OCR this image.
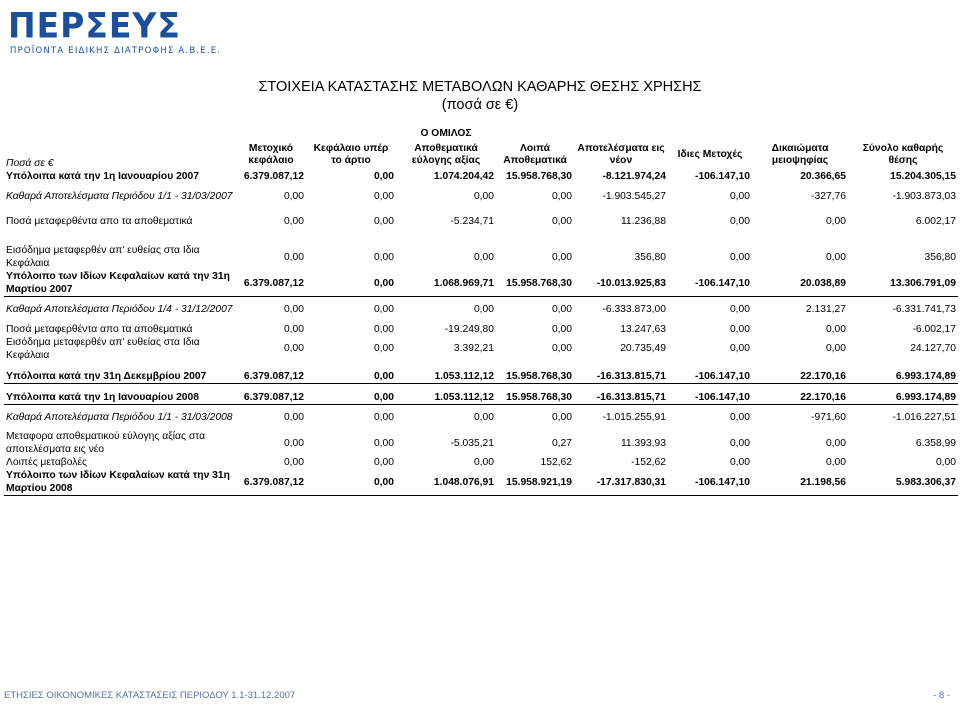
ΠΕΡΣΕΥΣ
ΠΡΟΪΟΝΤΑ ΕΙΔΙΚΗΣ ΔΙΑΤΡΟΦΗΣ Α.Β.Ε.Ε.
ΣΤΟΙΧΕΙΑ ΚΑΤΑΣΤΑΣΗΣ ΜΕΤΑΒΟΛΩΝ ΚΑΘΑΡΗΣ ΘΕΣΗΣ ΧΡΗΣΗΣ
(ποσά σε €)
			Ο ΟΜΙΛΟΣ					
Ποσά σε €	Μετοχικό κεφάλαιο	Κεφάλαιο υπέρ το άρτιο	Αποθεματικά εύλογης αξίας	Λοιπά Αποθεματικά	Αποτελέσματα εις νέον	Ιδιες Μετοχές	Δικαιώματα μειοψηφίας	Σύνολο καθαρής θέσης
Υπόλοιπα κατά την 1η Ιανουαρίου 2007	6.379.087,12	0,00	1.074.204,42	15.958.768,30	-8.121.974,24	-106.147,10	20.366,65	15.204.305,15
Καθαρά Αποτελέσματα Περιόδου 1/1 - 31/03/2007	0,00	0,00	0,00	0,00	-1.903.545,27	0,00	-327,76	-1.903.873,03

Ποσά μεταφερθέντα απο τα αποθεματικά	0,00	0,00	-5.234,71	0,00	11.236,88	0,00	0,00	6.002,17

Εισόδημα μεταφερθέν απ' ευθείας στα Ιδια Κεφάλαια	0,00	0,00	0,00	0,00	356,80	0,00	0,00	356,80
Υπόλοιπο των Ιδίων Κεφαλαίων κατά την 31η Μαρτίου 2007	6.379.087,12	0,00	1.068.969,71	15.958.768,30	-10.013.925,83	-106.147,10	20.038,89	13.306.791,09
Καθαρά Αποτελέσματα Περιόδου 1/4 - 31/12/2007	0,00	0,00	0,00	0,00	-6.333.873,00	0,00	2.131,27	-6.331.741,73
Ποσά μεταφερθέντα απο τα αποθεματικά	0,00	0,00	-19.249,80	0,00	13.247,63	0,00	0,00	-6.002,17
Εισόδημα μεταφερθέν απ' ευθείας στα Ιδια Κεφάλαια	0,00	0,00	3.392,21	0,00	20.735,49	0,00	0,00	24.127,70

Υπόλοιπα κατά την 31η Δεκεμβρίου 2007	6.379.087,12	0,00	1.053.112,12	15.958.768,30	-16.313.815,71	-106.147,10	22.170,16	6.993.174,89

Υπόλοιπα κατά την 1η Ιανουαρίου 2008	6.379.087,12	0,00	1.053.112,12	15.958.768,30	-16.313.815,71	-106.147,10	22.170,16	6.993.174,89
Καθαρά Αποτελέσματα Περιόδου 1/1 - 31/03/2008	0,00	0,00	0,00	0,00	-1.015.255,91	0,00	-971,60	-1.016.227,51
Μεταφορα αποθεματικού εύλογης αξίας στα αποτελέσματα εις νέο	0,00	0,00	-5.035,21	0,27	11.393,93	0,00	0,00	6.358,99
Λοιπές μεταβολές	0,00	0,00	0,00	152,62	-152,62	0,00	0,00	0,00
Υπόλοιπο των Ιδίων Κεφαλαίων κατά την 31η Μαρτίου 2008	6.379.087,12	0,00	1.048.076,91	15.958.921,19	-17.317.830,31	-106.147,10	21.198,56	5.983.306,37
ΕΤΗΣΙΕΣ ΟΙΚΟΝΟΜΙΚΕΣ ΚΑΤΑΣΤΑΣΕΙΣ ΠΕΡΙΟΔΟΥ 1.1-31.12.2007	- 8 -
